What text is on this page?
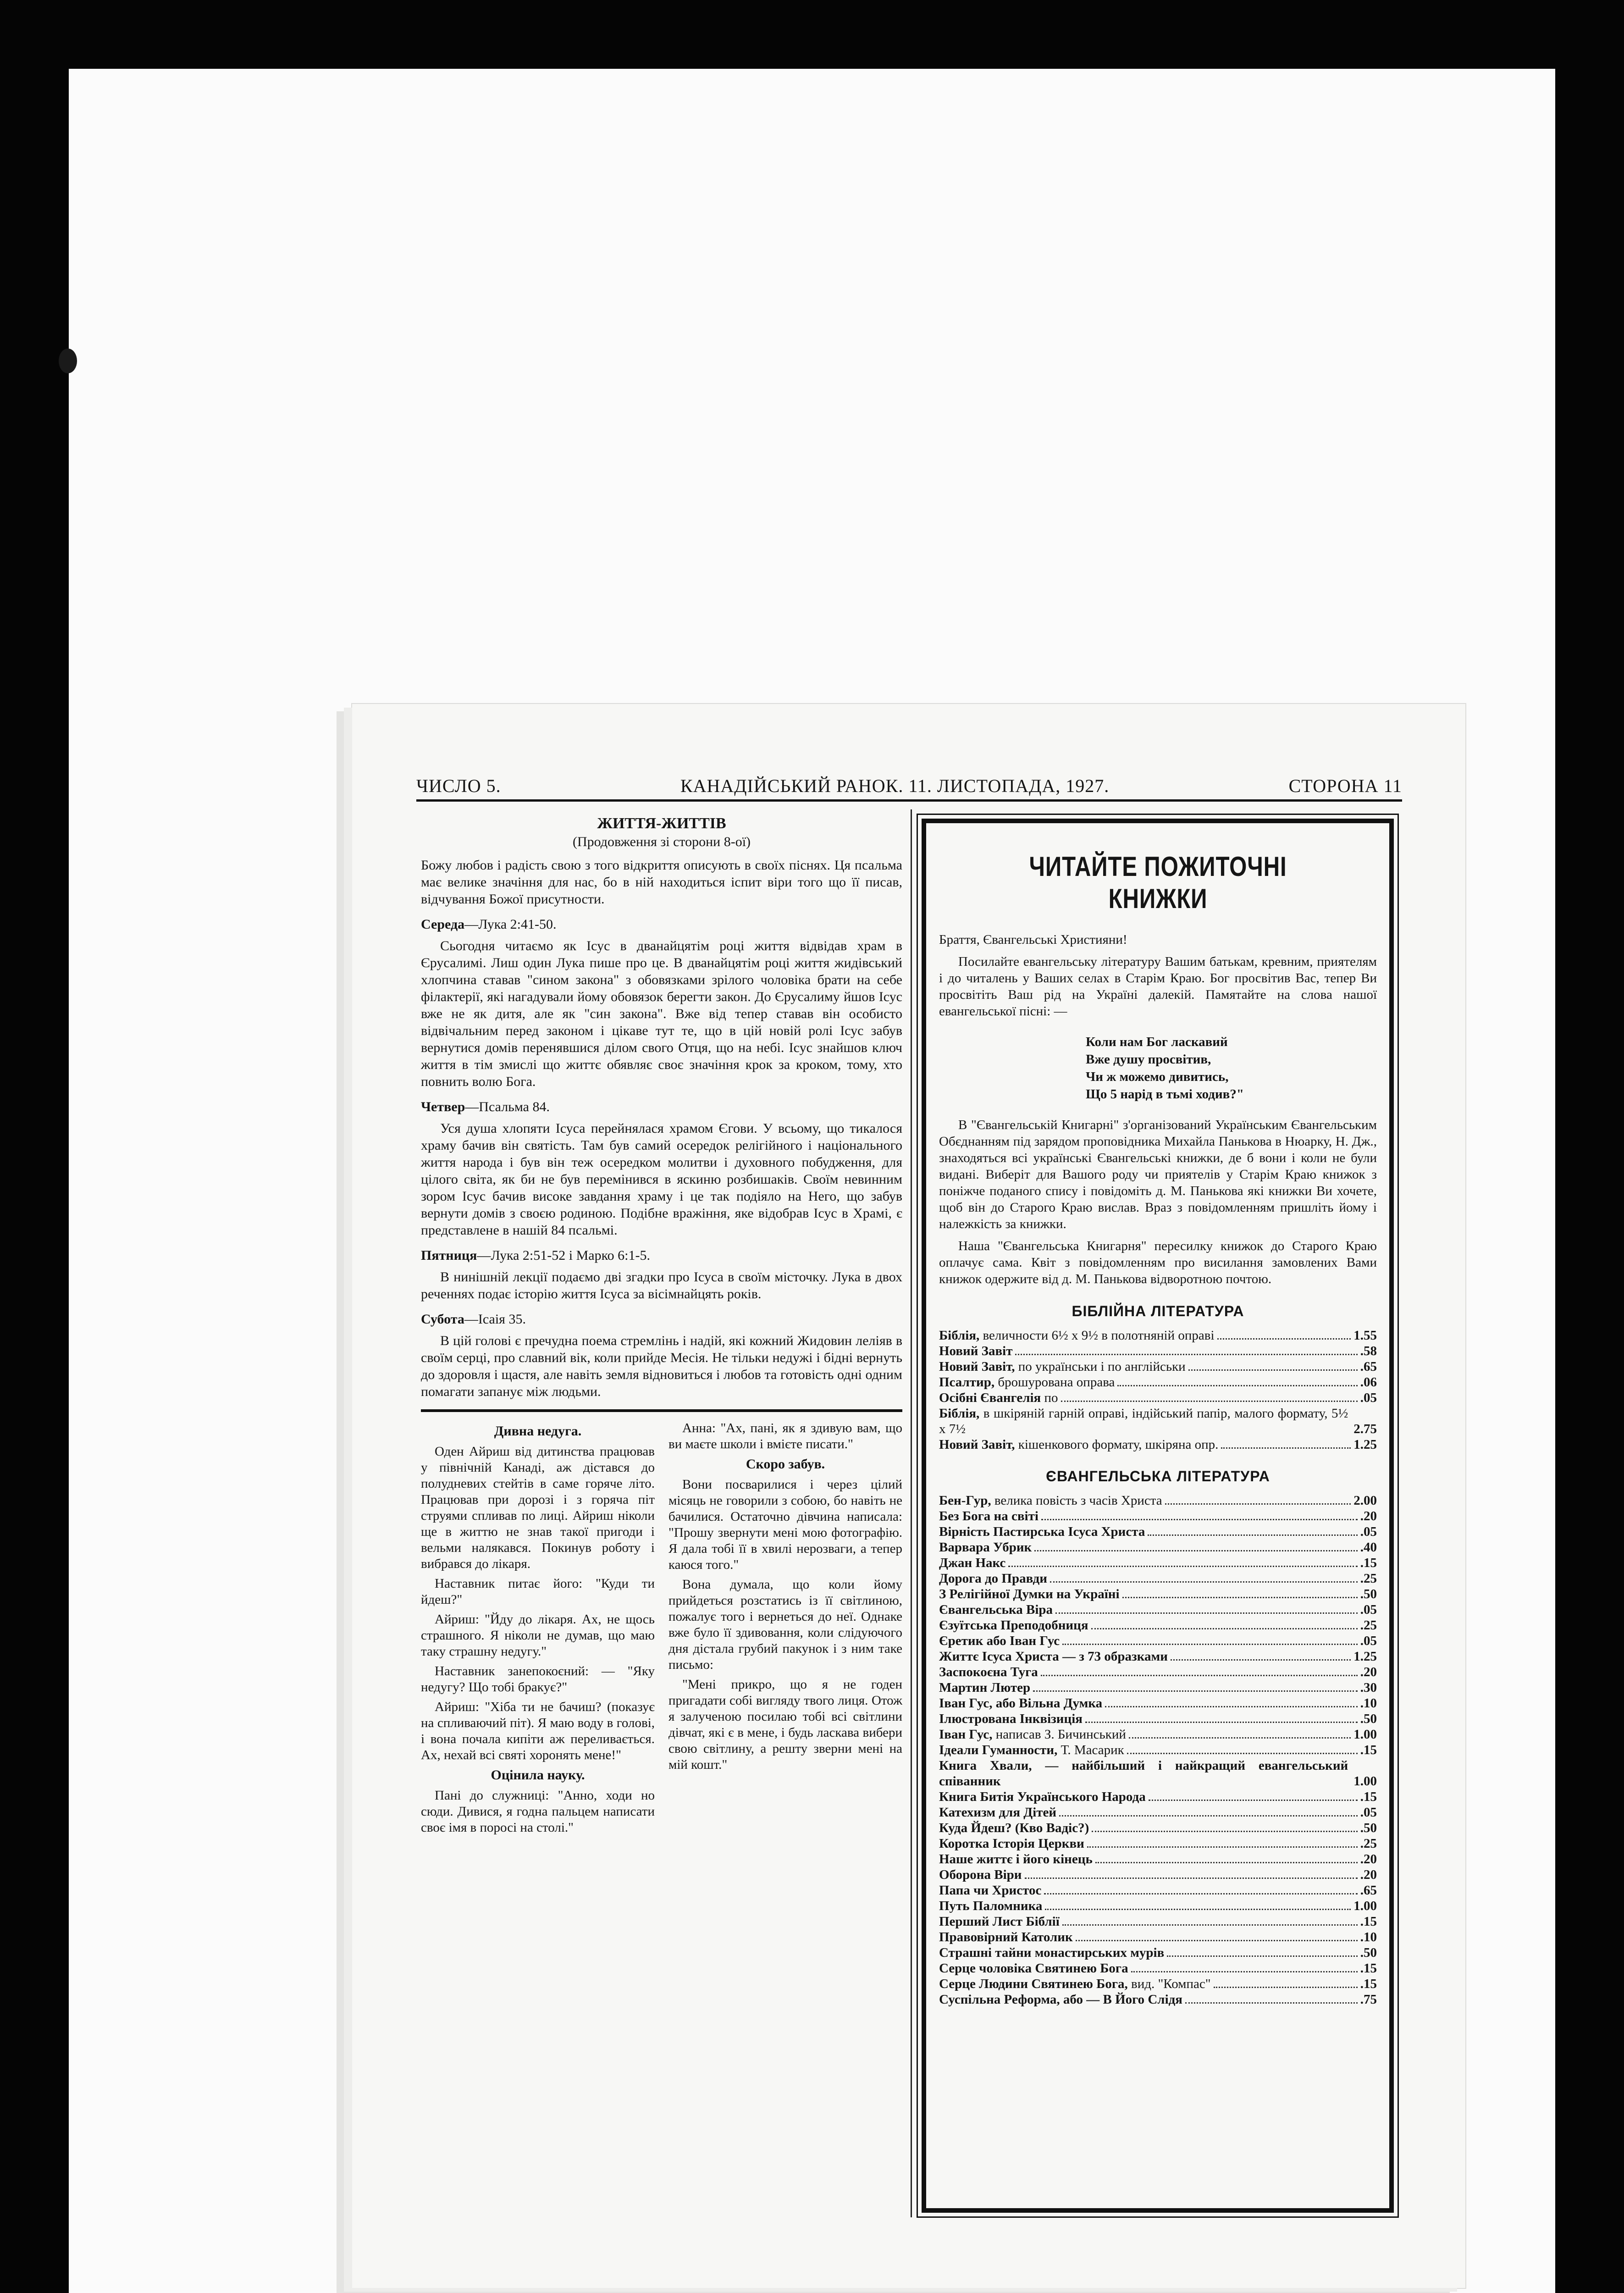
ЧИСЛО 5.	КАНАДІЙСЬКИЙ РАНОК. 11. ЛИСТОПАДА, 1927.	СТОРОНА 11
ЖИТТЯ-ЖИТТІВ
(Продовження зі сторони 8-ої)

Божу любов і радість свою з того відкриття описують в своїх піснях. Ця псальма має велике значіння для нас, бо в ній находиться іспит віри того що її писав, відчування Божої присутности.

Середа—Лука 2:41-50.

Сьогодня читаємо як Ісус в дванайцятім році життя відвідав храм в Єрусалимі. Лиш один Лука пише про це. В дванайцятім році життя жидівський хлопчина ставав "сином закона" з обовязками зрілого чоловіка брати на себе філактерії, які нагадували йому обовязок берегти закон. До Єрусалиму йшов Ісус вже не як дитя, але як "син закона". Вже від тепер ставав він особисто відвічальним перед законом і цікаве тут те, що в цій новій ролі Ісус забув вернутися домів перенявшися ділом свого Отця, що на небі. Ісус знайшов ключ життя в тім змислі що життє обявляє своє значіння крок за кроком, тому, хто повнить волю Бога.

Четвер—Псальма 84.

Уся душа хлопяти Ісуса перейнялася храмом Єгови. У всьому, що тикалося храму бачив він святість. Там був самий осередок релігійного і національного життя народа і був він теж осередком молитви і духовного побудження, для цілого світа, як би не був перемінився в яскиню розбишаків. Своїм невинним зором Ісус бачив високе завдання храму і це так подіяло на Него, що забув вернути домів з своєю родиною. Подібне вражіння, яке відобрав Ісус в Храмі, є представлене в нашій 84 псальмі.

Пятниця—Лука 2:51-52 і Марко 6:1-5.

В нинішній лекції подаємо дві згадки про Ісуса в своїм місточку. Лука в двох реченнях подає історію життя Ісуса за вісімнайцять років.

Субота—Ісаія 35.

В цій голові є пречудна поема стремлінь і надій, які кожний Жидовин леліяв в своїм серці, про славний вік, коли прийде Месія. Не тільки недужі і бідні вернуть до здоровля і щастя, але навіть земля відновиться і любов та готовість одні одним помагати запанує між людьми.

Дивна недуга.

Оден Айриш від дитинства працював у північній Канаді, аж дістався до полудневих стейтів в саме горяче літо. Працював при дорозі і з горяча піт струями спливав по лиці. Айриш ніколи ще в життю не знав такої пригоди і вельми налякався. Покинув роботу і вибрався до лікаря.

Наставник питає його: "Куди ти йдеш?"

Айриш: "Йду до лікаря. Ах, не щось страшного. Я ніколи не думав, що маю таку страшну недугу."

Наставник занепокоєний: — "Яку недугу? Що тобі бракує?"

Айриш: "Хіба ти не бачиш? (показує на спливаючий піт). Я маю воду в голові, і вона почала кипіти аж переливається. Ах, нехай всі святі хоронять мене!"

Оцінила науку.

Пані до служниці: "Анно, ходи но сюди. Дивися, я годна пальцем написати своє імя в поросі на столі."

Анна: "Ах, пані, як я здивую вам, що ви маєте школи і вмієте писати."

Скоро забув.

Вони посварилися і через цілий місяць не говорили з собою, бо навіть не бачилися. Остаточно дівчина написала: "Прошу звернути мені мою фотографію. Я дала тобі її в хвилі нерозваги, а тепер каюся того."

Вона думала, що коли йому прийдеться розстатись із її світлиною, пожалує того і вернеться до неї. Однаке вже було її здивовання, коли слідуючого дня дістала грубий пакунок і з ним таке письмо:

"Мені прикро, що я не годен пригадати собі вигляду твого лиця. Отож я залученою посилаю тобі всі світлини дівчат, які є в мене, і будь ласкава вибери свою світлину, а решту зверни мені на мій кошт."

ЧИТАЙТЕ ПОЖИТОЧНІ КНИЖКИ

Браття, Євангельські Християни!

Посилайте евангельську літературу Вашим батькам, кревним, приятелям і до читалень у Ваших селах в Старім Краю. Бог просвітив Вас, тепер Ви просвітіть Ваш рід на Україні далекій. Памятайте на слова нашої евангельської пісні: —

Коли нам Бог ласкавий
Вже душу просвітив,
Чи ж можемо дивитись,
Що 5 нарід в тьмі ходив?"

В "Євангельській Книгарні" з'організований Українським Євангельським Обєднанням під зарядом проповідника Михайла Панькова в Нюарку, Н. Дж., знаходяться всі українські Євангельські книжки, де б вони і коли не були видані. Виберіт для Вашого роду чи приятелів у Старім Краю книжок з поніжче поданого спису і повідоміть д. М. Панькова які книжки Ви хочете, щоб він до Старого Краю вислав. Враз з повідомленням пришліть йому і належкість за книжки.

Наша "Євангельська Книгарня" пересилку книжок до Старого Краю оплачує сама. Квіт з повідомленням про висилання замовлених Вами книжок одержите від д. М. Панькова відворотною почтою.

БІБЛІЙНА ЛІТЕРАТУРА
Біблія, величности 6½ х 9½ в полотняній оправі	1.55
Новий Завіт	.58
Новий Завіт, по українськи і по англійськи	.65
Псалтир, брошурована оправа	.06
Осібні Євангелія по	.05
Біблія, в шкіряній гарній оправі, індійський папір, малого формату, 5½ х 7½	2.75
Новий Завіт, кішенкового формату, шкіряна опр.	1.25
ЄВАНГЕЛЬСЬКА ЛІТЕРАТУРА
Бен-Гур, велика повість з часів Христа	2.00
Без Бога на світі	.20
Вірність Пастирська Ісуса Христа	.05
Варвара Убрик	.40
Джан Накс	.15
Дорога до Правди	.25
З Релігійної Думки на Україні	.50
Євангельська Віра	.05
Єзуїтська Преподобниця	.25
Єретик або Іван Гус	.05
Життє Ісуса Христа — з 73 образками	1.25
Заспокоєна Туга	.20
Мартин Лютер	.30
Іван Гус, або Вільна Думка	.10
Ілюстрована Інквізиція	.50
Іван Гус, написав З. Бичинський	1.00
Ідеали Гуманности, Т. Масарик	.15
Книга Хвали, — найбільший і найкращий евангельський співанник	1.00
Книга Битія Українського Народа	.15
Катехизм для Дітей	.05
Куда Йдеш? (Кво Вадіс?)	.50
Коротка Історія Церкви	.25
Наше життє і його кінець	.20
Оборона Віри	.20
Папа чи Христос	.65
Путь Паломника	1.00
Перший Лист Біблії	.15
Правовірний Католик	.10
Страшні тайни монастирських мурів	.50
Серце чоловіка Святинею Бога	.15
Серце Людини Святинею Бога, вид. "Компас"	.15
Суспільна Реформа, або — В Його Слідя	.75
